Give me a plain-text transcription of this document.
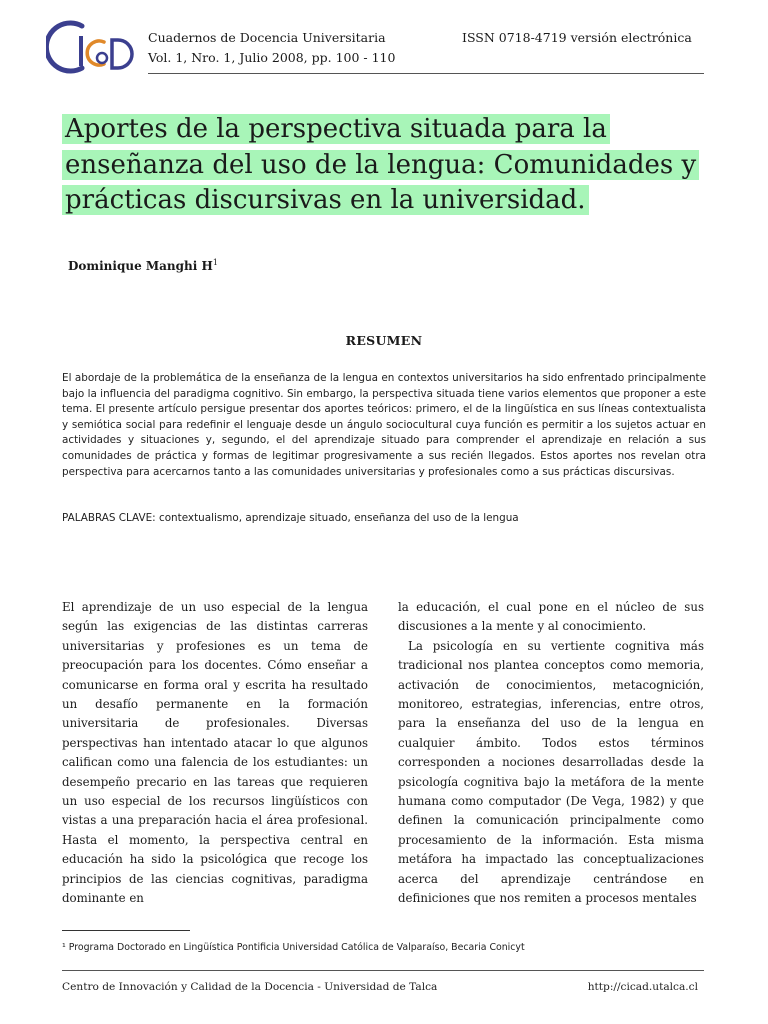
Cuadernos de Docencia Universitaria
Vol. 1, Nro. 1, Julio 2008, pp. 100 - 110
ISSN 0718-4719 versión electrónica
Aportes de la perspectiva situada para la
enseñanza del uso de la lengua: Comunidades y
prácticas discursivas en la universidad.
Dominique Manghi $H^1$
RESUMEN

El abordaje de la problemática de la enseñanza de la lengua en contextos universitarios ha sido enfrentado principalmente bajo la influencia del paradigma cognitivo. Sin embargo, la perspectiva situada tiene varios elementos que proponer a este tema. El presente artículo persigue presentar dos aportes teóricos: primero, el de la lingüística en sus líneas contextualista y semiótica social para redefinir el lenguaje desde un ángulo sociocultural cuya función es permitir a los sujetos actuar en actividades y situaciones y, segundo, el del aprendizaje situado para comprender el aprendizaje en relación a sus comunidades de práctica y formas de legitimar progresivamente a sus recién llegados. Estos aportes nos revelan otra perspectiva para acercarnos tanto a las comunidades universitarias y profesionales como a sus prácticas discursivas.

PALABRAS CLAVE: contextualismo, aprendizaje situado, enseñanza del uso de la lengua

El aprendizaje de un uso especial de la lengua según las exigencias de las distintas carreras universitarias y profesiones es un tema de preocupación para los docentes. Cómo enseñar a comunicarse en forma oral y escrita ha resultado un desafío permanente en la formación universitaria de profesionales. Diversas perspectivas han intentado atacar lo que algunos califican como una falencia de los estudiantes: un desempeño precario en las tareas que requieren un uso especial de los recursos lingüísticos con vistas a una preparación hacia el área profesional. Hasta el momento, la perspectiva central en educación ha sido la psicológica que recoge los principios de las ciencias cognitivas, paradigma dominante en

la educación, el cual pone en el núcleo de sus discusiones a la mente y al conocimiento.

La psicología en su vertiente cognitiva más tradicional nos plantea conceptos como memoria, activación de conocimientos, metacognición, monitoreo, estrategias, inferencias, entre otros, para la enseñanza del uso de la lengua en cualquier ámbito. Todos estos términos corresponden a nociones desarrolladas desde la psicología cognitiva bajo la metáfora de la mente humana como computador (De Vega, 1982) y que definen la comunicación principalmente como procesamiento de la información. Esta misma metáfora ha impactado las conceptualizaciones acerca del aprendizaje centrándose en definiciones que nos remiten a procesos mentales

¹ Programa Doctorado en Lingüística Pontificia Universidad Católica de Valparaíso, Becaria Conicyt
Centro de Innovación y Calidad de la Docencia - Universidad de Talca	http://cicad.utalca.cl
